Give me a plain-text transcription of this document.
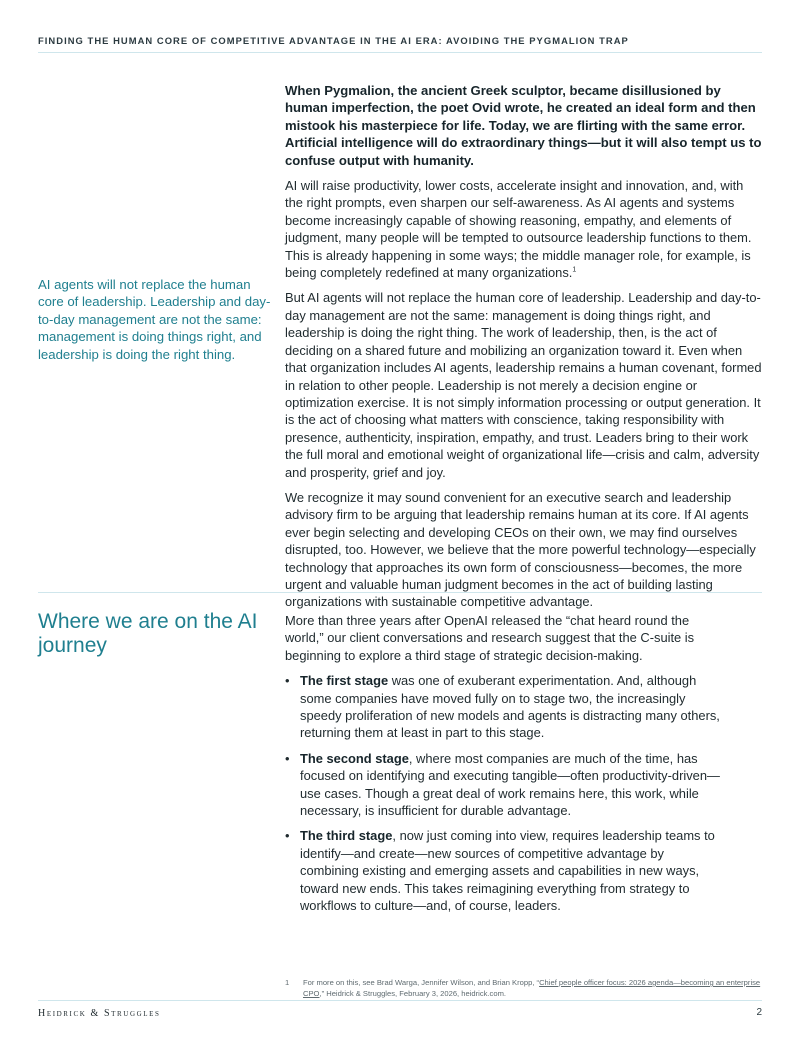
FINDING THE HUMAN CORE OF COMPETITIVE ADVANTAGE IN THE AI ERA: AVOIDING THE PYGMALION TRAP
AI agents will not replace the human core of leadership. Leadership and day-to-day management are not the same: management is doing things right, and leadership is doing the right thing.

When Pygmalion, the ancient Greek sculptor, became disillusioned by human imperfection, the poet Ovid wrote, he created an ideal form and then mistook his masterpiece for life. Today, we are flirting with the same error. Artificial intelligence will do extraordinary things—but it will also tempt us to confuse output with humanity.

AI will raise productivity, lower costs, accelerate insight and innovation, and, with the right prompts, even sharpen our self-awareness. As AI agents and systems become increasingly capable of showing reasoning, empathy, and elements of judgment, many people will be tempted to outsource leadership functions to them. This is already happening in some ways; the middle manager role, for example, is being completely redefined at many organizations.$^1$

But AI agents will not replace the human core of leadership. Leadership and day-to-day management are not the same: management is doing things right, and leadership is doing the right thing. The work of leadership, then, is the act of deciding on a shared future and mobilizing an organization toward it. Even when that organization includes AI agents, leadership remains a human covenant, formed in relation to other people. Leadership is not merely a decision engine or optimization exercise. It is not simply information processing or output generation. It is the act of choosing what matters with conscience, taking responsibility with presence, authenticity, inspiration, empathy, and trust. Leaders bring to their work the full moral and emotional weight of organizational life—crisis and calm, adversity and prosperity, grief and joy.

We recognize it may sound convenient for an executive search and leadership advisory firm to be arguing that leadership remains human at its core. If AI agents ever begin selecting and developing CEOs on their own, we may find ourselves disrupted, too. However, we believe that the more powerful technology—especially technology that approaches its own form of consciousness—becomes, the more urgent and valuable human judgment becomes in the act of building lasting organizations with sustainable competitive advantage.

Where we are on the AI journey

More than three years after OpenAI released the “chat heard round the world,” our client conversations and research suggest that the C-suite is beginning to explore a third stage of strategic decision-making.

• The first stage was one of exuberant experimentation. And, although some companies have moved fully on to stage two, the increasingly speedy proliferation of new models and agents is distracting many others, returning them at least in part to this stage.
• The second stage, where most companies are much of the time, has focused on identifying and executing tangible—often productivity-driven—use cases. Though a great deal of work remains here, this work, while necessary, is insufficient for durable advantage.
• The third stage, now just coming into view, requires leadership teams to identify—and create—new sources of competitive advantage by combining existing and emerging assets and capabilities in new ways, toward new ends. This takes reimagining everything from strategy to workflows to culture—and, of course, leaders.
1 For more on this, see Brad Warga, Jennifer Wilson, and Brian Kropp, “Chief people officer focus: 2026 agenda—becoming an enterprise CPO,” Heidrick & Struggles, February 3, 2026, heidrick.com.
Heidrick & Struggles	2
